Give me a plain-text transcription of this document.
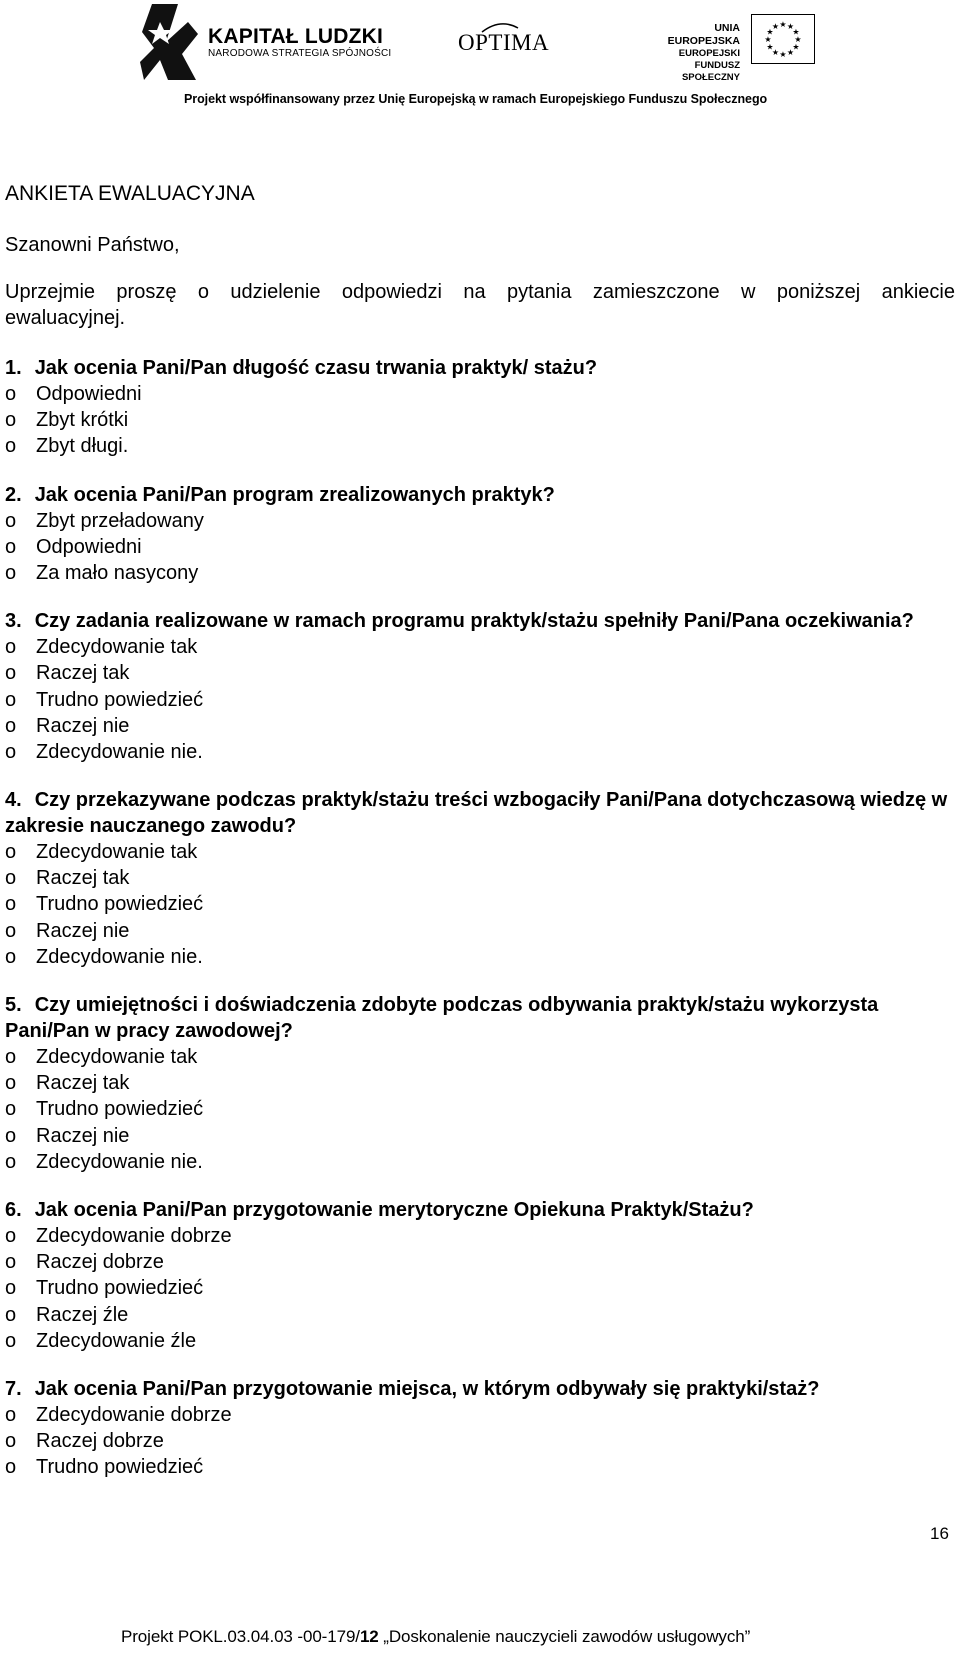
KAPITAŁ LUDZKI
NARODOWA STRATEGIA SPÓJNOŚCI	OPTIMA
UNIA EUROPEJSKA
EUROPEJSKI
FUNDUSZ SPOŁECZNY
★
★
★
★
★
★
★
★
★ ★ ★
★
Projekt współfinansowany przez Unię Europejską w ramach Europejskiego Funduszu Społecznego
ANKIETA EWALUACYJNA
Szanowni Państwo,
Uprzejmie proszę o udzielenie odpowiedzi na pytania zamieszczone w poniższej ankiecie
ewaluacyjnej.
1. Jak ocenia Pani/Pan długość czasu trwania praktyk/ stażu?
o Odpowiedni
o Zbyt krótki
o Zbyt długi.
2. Jak ocenia Pani/Pan program zrealizowanych praktyk?
o Zbyt przeładowany
o Odpowiedni
o Za mało nasycony
3. Czy zadania realizowane w ramach programu praktyk/stażu spełniły Pani/Pana oczekiwania?
o Zdecydowanie tak
o Raczej tak
o Trudno powiedzieć
o Raczej nie
o Zdecydowanie nie.
4. Czy przekazywane podczas praktyk/stażu treści wzbogaciły Pani/Pana dotychczasową wiedzę w zakresie nauczanego zawodu?
o Zdecydowanie tak
o Raczej tak
o Trudno powiedzieć
o Raczej nie
o Zdecydowanie nie.
5. Czy umiejętności i doświadczenia zdobyte podczas odbywania praktyk/stażu wykorzysta Pani/Pan w pracy zawodowej?
o Zdecydowanie tak
o Raczej tak
o Trudno powiedzieć
o Raczej nie
o Zdecydowanie nie.
6. Jak ocenia Pani/Pan przygotowanie merytoryczne Opiekuna Praktyk/Stażu?
o Zdecydowanie dobrze
o Raczej dobrze
o Trudno powiedzieć
o Raczej źle
o Zdecydowanie źle
7. Jak ocenia Pani/Pan przygotowanie miejsca, w którym odbywały się praktyki/staż?
o Zdecydowanie dobrze
o Raczej dobrze
o Trudno powiedzieć
16
Projekt POKL.03.04.03 -00-179/12 „Doskonalenie nauczycieli zawodów usługowych”
